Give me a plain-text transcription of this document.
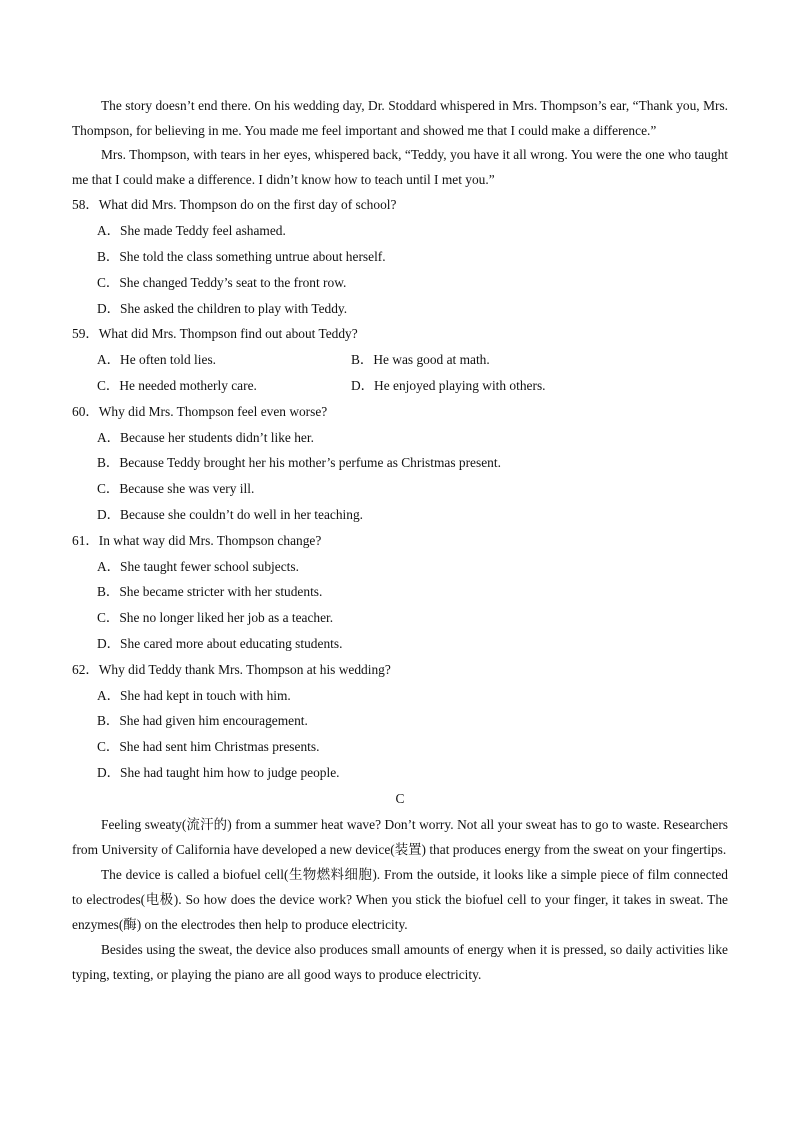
The story doesn’t end there. On his wedding day, Dr. Stoddard whispered in Mrs. Thompson’s ear, “Thank you, Mrs. Thompson, for believing in me. You made me feel important and showed me that I could make a difference.”

Mrs. Thompson, with tears in her eyes, whispered back, “Teddy, you have it all wrong. You were the one who taught me that I could make a difference. I didn’t know how to teach until I met you.”

58．What did Mrs. Thompson do on the first day of school?

A．She made Teddy feel ashamed.

B．She told the class something untrue about herself.

C．She changed Teddy’s seat to the front row.

D．She asked the children to play with Teddy.

59．What did Mrs. Thompson find out about Teddy?

A．He often told lies.	B．He was good at math.
C．He needed motherly care.	D．He enjoyed playing with others.

60．Why did Mrs. Thompson feel even worse?

A．Because her students didn’t like her.

B．Because Teddy brought her his mother’s perfume as Christmas present.

C．Because she was very ill.

D．Because she couldn’t do well in her teaching.

61．In what way did Mrs. Thompson change?

A．She taught fewer school subjects.

B．She became stricter with her students.

C．She no longer liked her job as a teacher.

D．She cared more about educating students.

62．Why did Teddy thank Mrs. Thompson at his wedding?

A．She had kept in touch with him.

B．She had given him encouragement.

C．She had sent him Christmas presents.

D．She had taught him how to judge people.

C

Feeling sweaty(流汗的) from a summer heat wave? Don’t worry. Not all your sweat has to go to waste. Researchers from University of California have developed a new device(装置) that produces energy from the sweat on your fingertips.

The device is called a biofuel cell(生物燃料细胞). From the outside, it looks like a simple piece of film connected to electrodes(电极). So how does the device work? When you stick the biofuel cell to your finger, it takes in sweat. The enzymes(酶) on the electrodes then help to produce electricity.

Besides using the sweat, the device also produces small amounts of energy when it is pressed, so daily activities like typing, texting, or playing the piano are all good ways to produce electricity.
